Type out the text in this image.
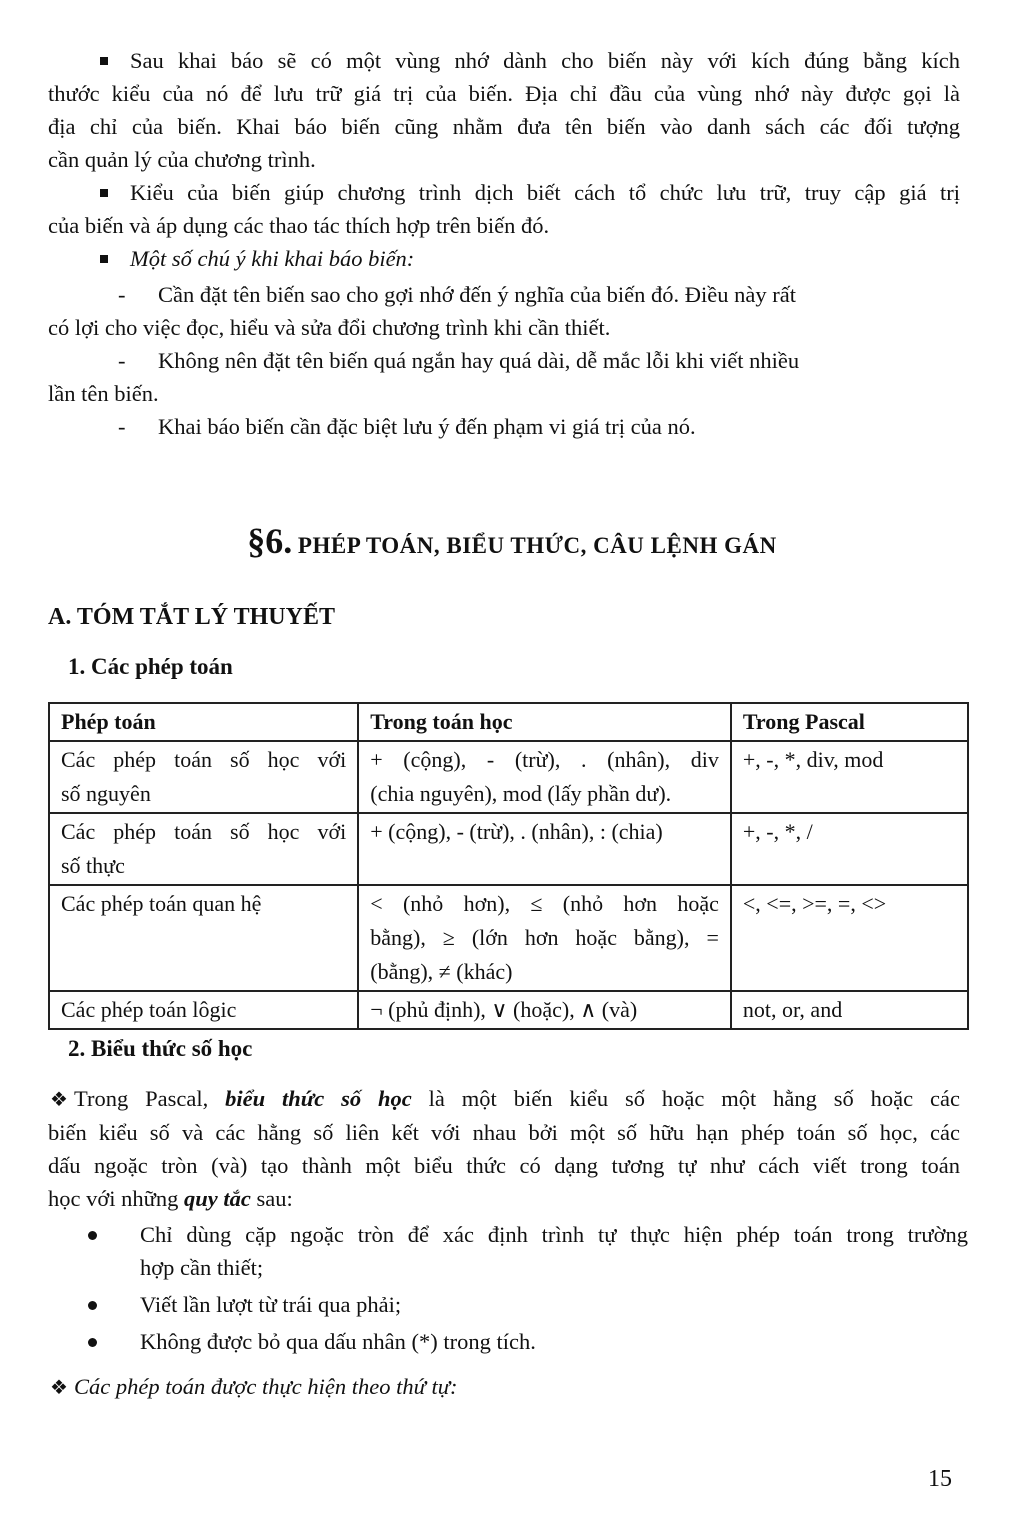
Sau khai báo sẽ có một vùng nhớ dành cho biến này với kích đúng bằng kích
thước kiểu của nó để lưu trữ giá trị của biến. Địa chỉ đầu của vùng nhớ này được gọi là
địa chỉ của biến. Khai báo biến cũng nhằm đưa tên biến vào danh sách các đối tượng
cần quản lý của chương trình.
Kiểu của biến giúp chương trình dịch biết cách tổ chức lưu trữ, truy cập giá trị
của biến và áp dụng các thao tác thích hợp trên biến đó.
Một số chú ý khi khai báo biến:
- Cần đặt tên biến sao cho gợi nhớ đến ý nghĩa của biến đó. Điều này rất
có lợi cho việc đọc, hiểu và sửa đổi chương trình khi cần thiết.
- Không nên đặt tên biến quá ngắn hay quá dài, dễ mắc lỗi khi viết nhiều
lần tên biến.
- Khai báo biến cần đặc biệt lưu ý đến phạm vi giá trị của nó.
§6. PHÉP TOÁN, BIỂU THỨC, CÂU LỆNH GÁN
A. TÓM TẮT LÝ THUYẾT
1. Các phép toán
Phép toán	Trong toán học	Trong Pascal

Các phép toán số học với
số nguyên	+ (cộng), - (trừ), . (nhân), div
(chia nguyên), mod (lấy phần dư).	+, -, *, div, mod

Các phép toán số học với
số thực	+ (cộng), - (trừ), . (nhân), : (chia)	+, -, *, /
Các phép toán quan hệ	< (nhỏ hơn), ≤ (nhỏ hơn hoặc
bằng), ≥ (lớn hơn hoặc bằng), =
(bằng), ≠ (khác)	<, <=, >=, =, <>
Các phép toán lôgic	¬ (phủ định), ∨ (hoặc), ∧ (và)	not, or, and
2. Biểu thức số học
❖ Trong Pascal, biểu thức số học là một biến kiểu số hoặc một hằng số hoặc các
biến kiểu số và các hằng số liên kết với nhau bởi một số hữu hạn phép toán số học, các
dấu ngoặc tròn (và) tạo thành một biểu thức có dạng tương tự như cách viết trong toán
học với những quy tắc sau:
Chỉ dùng cặp ngoặc tròn để xác định trình tự thực hiện phép toán trong trường
hợp cần thiết;
Viết lần lượt từ trái qua phải;
Không được bỏ qua dấu nhân (*) trong tích.
❖ Các phép toán được thực hiện theo thứ tự:
15
